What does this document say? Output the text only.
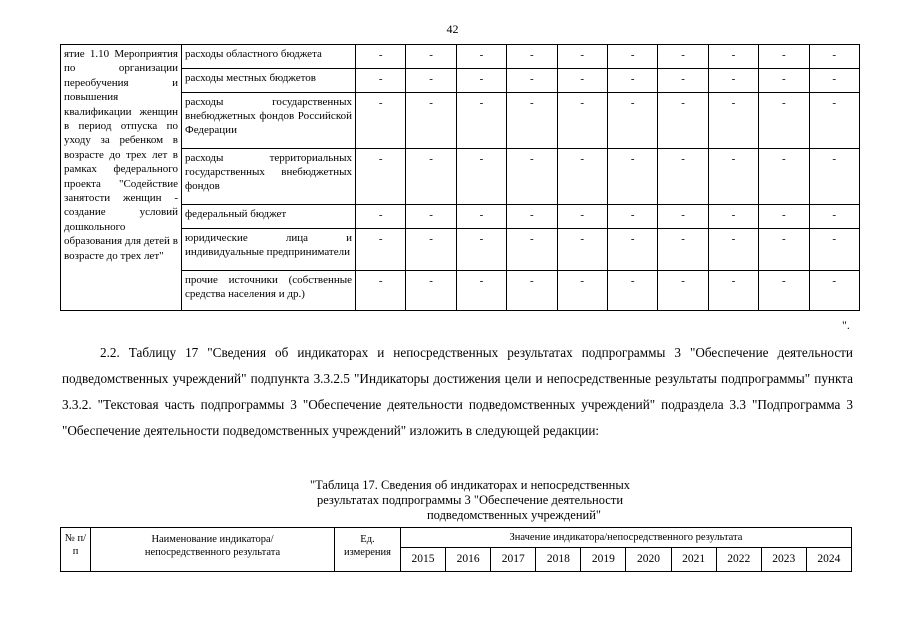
42
ятие 1.10 Мероприятия по организации переобучения и повышения квалификации женщин в период отпуска по уходу за ребенком в возрасте до трех лет в рамках федерального проекта "Содействие занятости женщин - создание условий дошкольного образования для детей в возрасте до трех лет"	расходы областного бюджета	-	-	-	-	-	-	-	-	-	-
	расходы местных бюджетов	-	-	-	-	-	-	-	-	-	-
	расходы государственных внебюджетных фондов Российской Федерации	-	-	-	-	-	-	-	-	-	-
	расходы территориальных государственных внебюджетных фондов	-	-	-	-	-	-	-	-	-	-
	федеральный бюджет	-	-	-	-	-	-	-	-	-	-
	юридические лица и индивидуальные предприниматели	-	-	-	-	-	-	-	-	-	-
	прочие источники (собственные средства населения и др.)	-	-	-	-	-	-	-	-	-	-
".
2.2. Таблицу 17 "Сведения об индикаторах и непосредственных результатах подпрограммы 3 "Обеспечение деятельности подведомственных учреждений" подпункта 3.3.2.5 "Индикаторы достижения цели и непосредственные результаты подпрограммы" пункта 3.3.2. "Текстовая часть подпрограммы 3 "Обеспечение деятельности подведомственных учреждений" подраздела 3.3 "Подпрограмма 3 "Обеспечение деятельности подведомственных учреждений" изложить в следующей редакции:
"Таблица 17. Сведения об индикаторах и непосредственных
результатах подпрограммы 3 "Обеспечение деятельности
подведомственных учреждений"
№ п/п	Наименование индикатора/непосредственного результата	Ед. измерения	Значение индикатора/непосредственного результата									
			2015	2016	2017	2018	2019	2020	2021	2022	2023	2024
